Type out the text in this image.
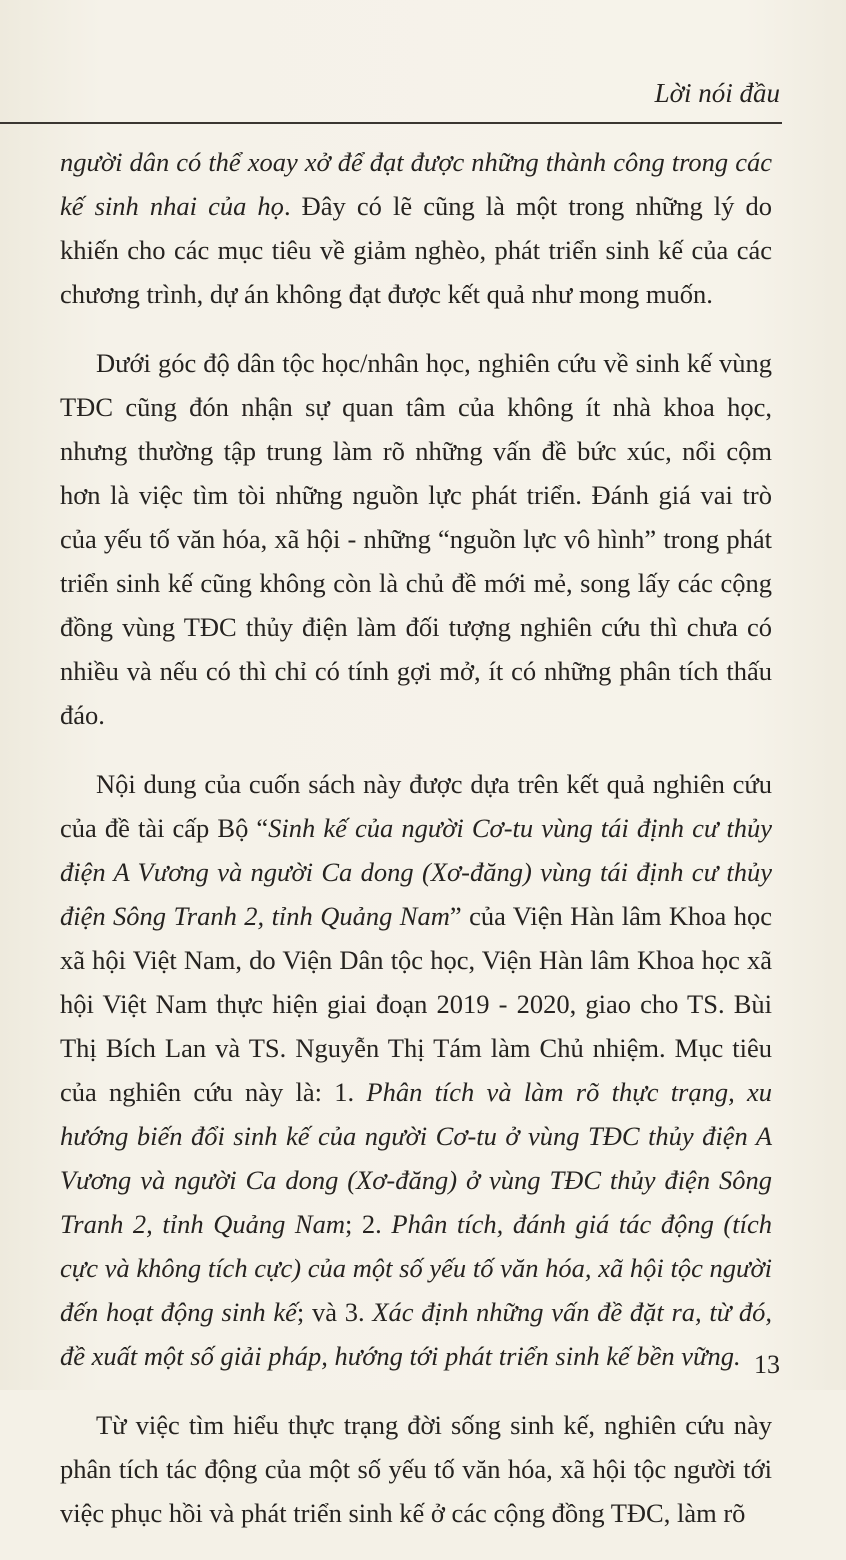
Lời nói đầu

người dân có thể xoay xở để đạt được những thành công trong các kế sinh nhai của họ. Đây có lẽ cũng là một trong những lý do khiến cho các mục tiêu về giảm nghèo, phát triển sinh kế của các chương trình, dự án không đạt được kết quả như mong muốn.

Dưới góc độ dân tộc học/nhân học, nghiên cứu về sinh kế vùng TĐC cũng đón nhận sự quan tâm của không ít nhà khoa học, nhưng thường tập trung làm rõ những vấn đề bức xúc, nổi cộm hơn là việc tìm tòi những nguồn lực phát triển. Đánh giá vai trò của yếu tố văn hóa, xã hội - những “nguồn lực vô hình” trong phát triển sinh kế cũng không còn là chủ đề mới mẻ, song lấy các cộng đồng vùng TĐC thủy điện làm đối tượng nghiên cứu thì chưa có nhiều và nếu có thì chỉ có tính gợi mở, ít có những phân tích thấu đáo.

Nội dung của cuốn sách này được dựa trên kết quả nghiên cứu của đề tài cấp Bộ “Sinh kế của người Cơ-tu vùng tái định cư thủy điện A Vương và người Ca dong (Xơ-đăng) vùng tái định cư thủy điện Sông Tranh 2, tỉnh Quảng Nam” của Viện Hàn lâm Khoa học xã hội Việt Nam, do Viện Dân tộc học, Viện Hàn lâm Khoa học xã hội Việt Nam thực hiện giai đoạn 2019 - 2020, giao cho TS. Bùi Thị Bích Lan và TS. Nguyễn Thị Tám làm Chủ nhiệm. Mục tiêu của nghiên cứu này là: 1. Phân tích và làm rõ thực trạng, xu hướng biến đổi sinh kế của người Cơ-tu ở vùng TĐC thủy điện A Vương và người Ca dong (Xơ-đăng) ở vùng TĐC thủy điện Sông Tranh 2, tỉnh Quảng Nam; 2. Phân tích, đánh giá tác động (tích cực và không tích cực) của một số yếu tố văn hóa, xã hội tộc người đến hoạt động sinh kế; và 3. Xác định những vấn đề đặt ra, từ đó, đề xuất một số giải pháp, hướng tới phát triển sinh kế bền vững.

Từ việc tìm hiểu thực trạng đời sống sinh kế, nghiên cứu này phân tích tác động của một số yếu tố văn hóa, xã hội tộc người tới việc phục hồi và phát triển sinh kế ở các cộng đồng TĐC, làm rõ

13
